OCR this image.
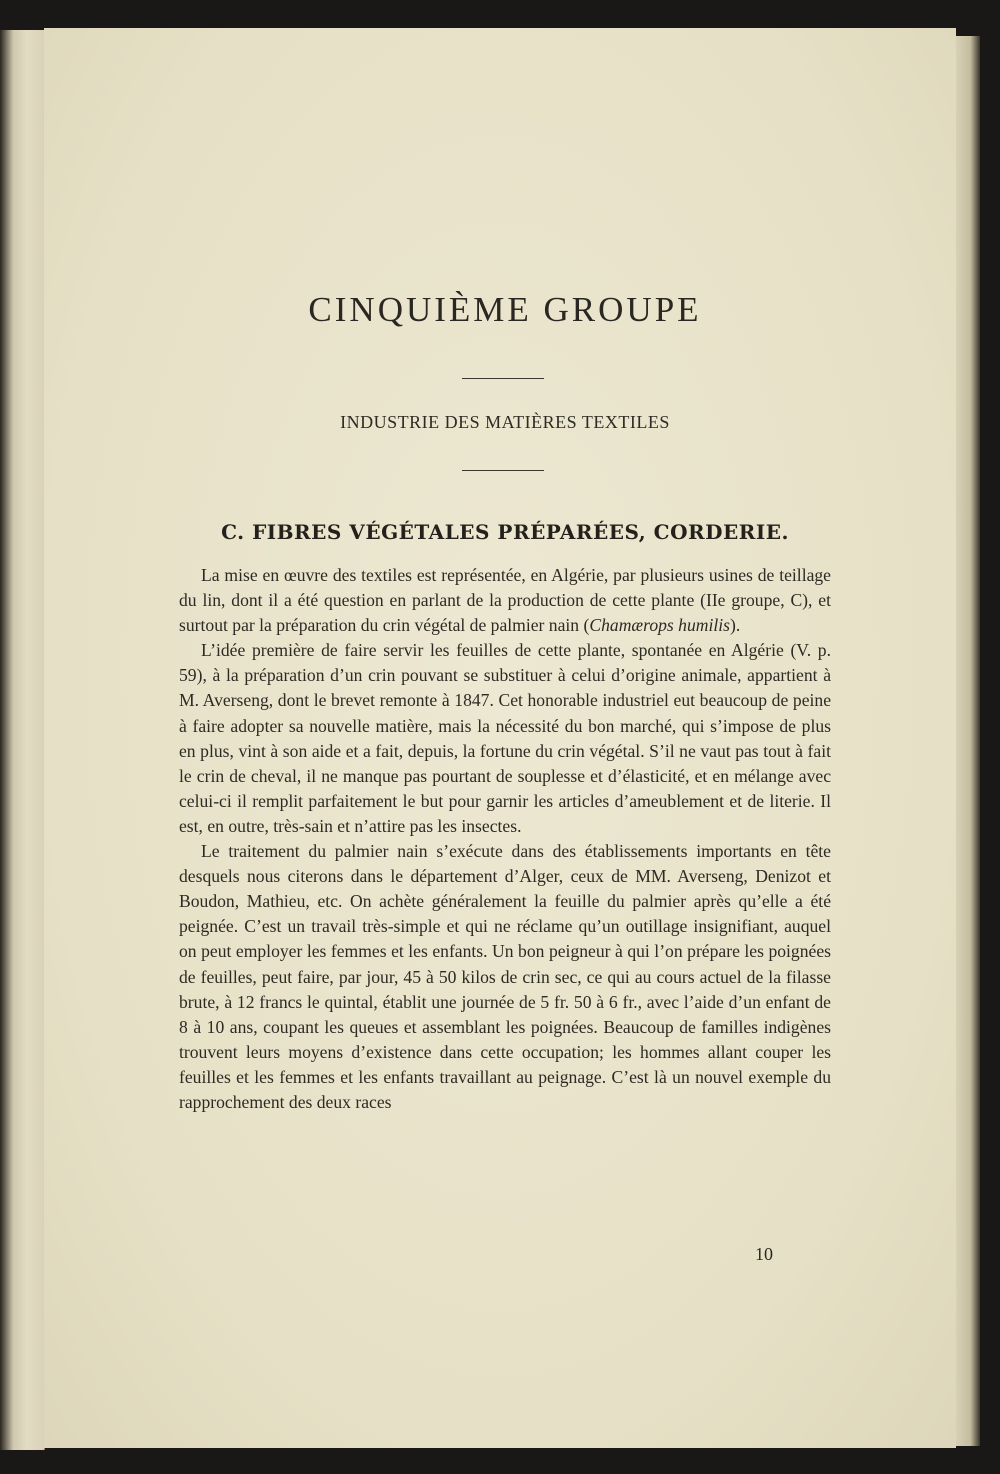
CINQUIÈME GROUPE
INDUSTRIE DES MATIÈRES TEXTILES
C. FIBRES VÉGÉTALES PRÉPARÉES, CORDERIE.

La mise en œuvre des textiles est représentée, en Algérie, par plusieurs usines de teillage du lin, dont il a été question en parlant de la production de cette plante (IIe groupe, C), et surtout par la préparation du crin végétal de palmier nain (Chamærops humilis).

L’idée première de faire servir les feuilles de cette plante, spontanée en Algérie (V. p. 59), à la préparation d’un crin pouvant se substituer à celui d’origine animale, appartient à M. Averseng, dont le brevet remonte à 1847. Cet honorable industriel eut beaucoup de peine à faire adopter sa nouvelle matière, mais la nécessité du bon marché, qui s’impose de plus en plus, vint à son aide et a fait, depuis, la fortune du crin végétal. S’il ne vaut pas tout à fait le crin de cheval, il ne manque pas pourtant de souplesse et d’élasticité, et en mélange avec celui-ci il remplit parfaitement le but pour garnir les articles d’ameublement et de literie. Il est, en outre, très-sain et n’attire pas les insectes.

Le traitement du palmier nain s’exécute dans des établissements importants en tête desquels nous citerons dans le département d’Alger, ceux de MM. Averseng, Denizot et Boudon, Mathieu, etc. On achète généralement la feuille du palmier après qu’elle a été peignée. C’est un travail très-simple et qui ne réclame qu’un outillage insignifiant, auquel on peut employer les femmes et les enfants. Un bon peigneur à qui l’on prépare les poignées de feuilles, peut faire, par jour, 45 à 50 kilos de crin sec, ce qui au cours actuel de la filasse brute, à 12 francs le quintal, établit une journée de 5 fr. 50 à 6 fr., avec l’aide d’un enfant de 8 à 10 ans, coupant les queues et assemblant les poignées. Beaucoup de familles indigènes trouvent leurs moyens d’existence dans cette occupation; les hommes allant couper les feuilles et les femmes et les enfants travaillant au peignage. C’est là un nouvel exemple du rapprochement des deux races

10
